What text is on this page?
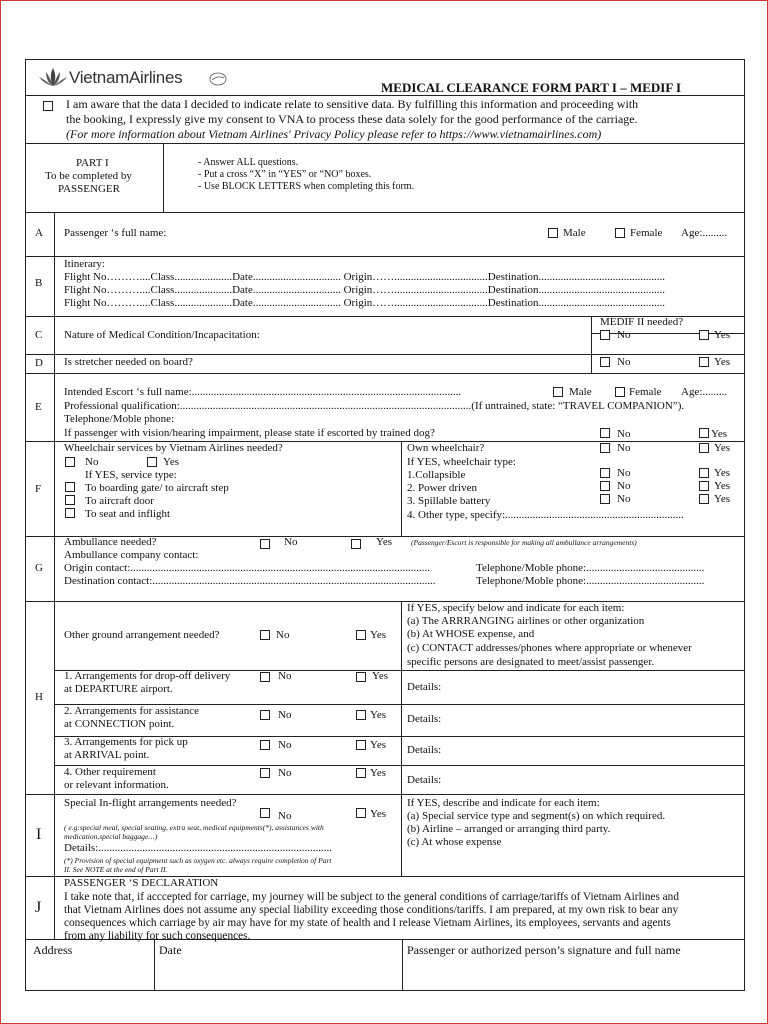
VietnamAirlines
MEDICAL CLEARANCE FORM PART I – MEDIF I
I am aware that the data I decided to indicate relate to sensitive data. By fulfilling this information and proceeding with
the booking, I expressly give my consent to VNA to process these data solely for the good performance of the carriage.
(For more information about Vietnam Airlines' Privacy Policy please refer to https://www.vietnamairlines.com)
PART I
To be completed by
PASSENGER
- Answer ALL questions.
- Put a cross “X” in “YES” or “NO” boxes.
- Use BLOCK LETTERS when completing this form.
A Passenger ‘s full name:	Male	Female Age:.........
B
Itinerary:
Flight No………....Class.....................Date................................ Origin……..................................Destination..............................................
Flight No………....Class.....................Date................................ Origin……..................................Destination..............................................
Flight No………....Class.....................Date................................ Origin……..................................Destination..............................................
C Nature of Medical Condition/Incapacitation:
MEDIF II needed?
No	Yes
D Is stretcher needed on board?	No	Yes
E
Intended Escort ‘s full name:..................................................................................................	Male	Female Age:.........
Professional qualification:..........................................................................................................(If untrained, state: “TRAVEL COMPANION”).
Telephone/Moble phone:
If passenger with vision/hearing impairment, please state if escorted by trained dog?	No	Yes
F
Wheelchair services by Vietnam Airlines needed?
No	Yes
If YES, service type:
To boarding gate/ to aircraft step
To aircraft door
To seat and inflight
Own wheelchair?	No	Yes
If YES, wheelchair type:
1.Collapsible	No	Yes
2. Power driven	No	Yes
3. Spillable battery	No	Yes
4. Other type, specify:.................................................................
G
Ambullance needed?	No	Yes	(Passenger/Escort is responsible for making all ambullance arrangements)
Ambullance company contact:
Origin contact:.............................................................................................................	Telephone/Moble phone:...........................................
Destination contact:.......................................................................................................	Telephone/Moble phone:...........................................
H
Other ground arrangement needed?	No	Yes
If YES, specify below and indicate for each item:
(a) The ARRRANGING airlines or other organization
(b) At WHOSE expense, and
(c) CONTACT addresses/phones where appropriate or whenever
specific persons are designated to meet/assist passenger.
1. Arrangements for drop-off delivery
at DEPARTURE airport.
No	Yes
Details:
2. Arrangements for assistance
at CONNECTION point.
No	Yes Details:
3. Arrangements for pick up
at ARRIVAL point.
No	Yes Details:
4. Other requirement
or relevant information.
No	Yes
Details:
I
Special In-flight arrangements needed?
No	Yes
( e.g:special meal, special seating, extra seat, medical equipments(*), assistances with
medication,special baggage…)
Details:.....................................................................................
(*) Provision of special equipment such as oxygen etc. always require completion of Part
II. See NOTE at the end of Part II.
If YES, describe and indicate for each item:
(a) Special service type and segment(s) on which required.
(b) Airline – arranged or arranging third party.
(c) At whose expense
J
PASSENGER ‘S DECLARATION
I take note that, if acccepted for carriage, my journey will be subject to the general conditions of carriage/tariffs of Vietnam Airlines and
that Vietnam Airlines does not assume any special liability exceeding those conditions/tariffs. I am prepared, at my own risk to bear any
consequences which carriage by air may have for my state of health and I release Vietnam Airlines, its employees, servants and agents
from any liability for such consequences.
Address	Date	Passenger or authorized person’s signature and full name
